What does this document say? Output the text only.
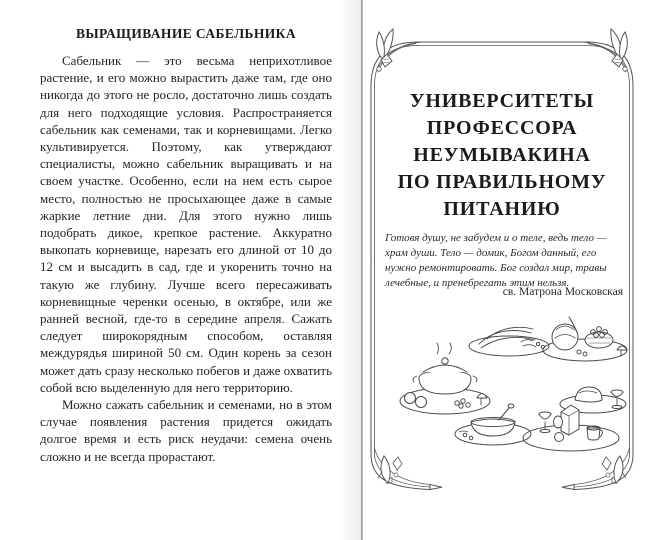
ВЫРАЩИВАНИЕ САБЕЛЬНИКА

Сабельник — это весьма неприхотливое растение, и его можно вырастить даже там, где оно никогда до этого не росло, достаточно лишь создать для него подходящие условия. Распространяется сабельник как семенами, так и корневищами. Легко культивируется. Поэтому, как утверждают специалисты, можно сабельник выращивать и на своем участке. Особенно, если на нем есть сырое место, полностью не просыхающее даже в самые жаркие летние дни. Для этого нужно лишь подобрать дикое, крепкое растение. Аккуратно выкопать корневище, нарезать его длиной от 10 до 12 см и высадить в сад, где и укоренить точно на такую же глубину. Лучше всего пересаживать корневищные черенки осенью, в октябре, или же ранней весной, где-то в середине апреля. Сажать следует широкорядным способом, оставляя междурядья шириной 50 см. Один корень за сезон может дать сразу несколько побегов и даже охватить собой всю выделенную для него территорию.

Можно сажать сабельник и семенами, но в этом случае появления растения придется ожидать долгое время и есть риск неудачи: семена очень сложно и не всегда прорастают.

УНИВЕРСИТЕТЫ
ПРОФЕССОРА
НЕУМЫВАКИНА
ПО ПРАВИЛЬНОМУ
ПИТАНИЮ
Готовя душу, не забудем и о теле, ведь тело — храм души. Тело — домик, Богом данный, его нужно ремонтировать. Бог создал мир, травы лечебные, и пренебрегать этим нельзя.
св. Матрона Московская
